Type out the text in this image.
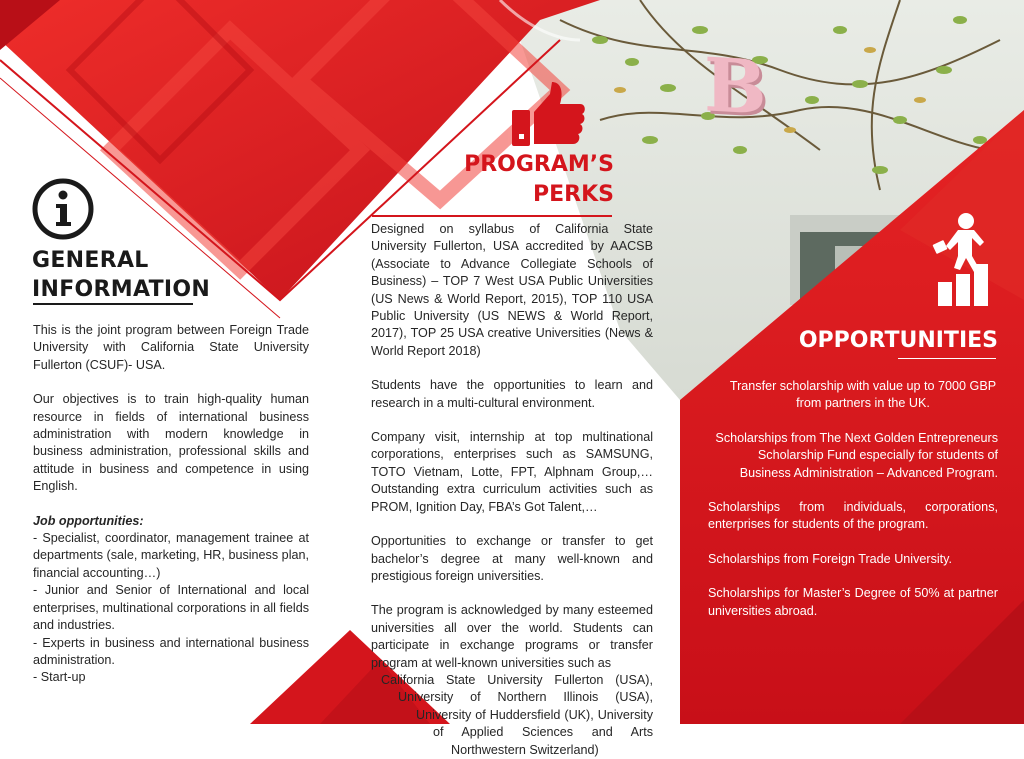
B
GENERAL
INFORMATION

This is the joint program between Foreign Trade University with California State University Fullerton (CSUF)- USA.

Our objectives is to train high-quality human resource in fields of international business administration with modern knowledge in business administration, professional skills and attitude in business and competence in using English.

Job opportunities:
- Specialist, coordinator, management trainee at departments (sale, marketing, HR, business plan, financial accounting…)
- Junior and Senior of International and local enterprises, multinational corporations in all fields and industries.
- Experts in business and international business administration.
- Start-up
PROGRAM’S
PERKS

Designed on syllabus of California State University Fullerton, USA accredited by AACSB (Associate to Advance Collegiate Schools of Business) – TOP 7 West USA Public Universities (US News & World Report, 2015), TOP 110 USA Public University (US NEWS & World Report, 2017), TOP 25 USA creative Universities (News & World Report 2018)

Students have the opportunities to learn and research in a multi-cultural environment.

Company visit, internship at top multinational corporations, enterprises such as SAMSUNG, TOTO Vietnam, Lotte, FPT, Alphnam Group,… Outstanding extra curriculum activities such as PROM, Ignition Day, FBA’s Got Talent,…

Opportunities to exchange or transfer to get bachelor’s degree at many well-known and prestigious foreign universities.

The program is acknowledged by many esteemed universities all over the world. Students can participate in exchange programs or transfer program at well-known universities such as

California State University Fullerton (USA),
University of Northern Illinois (USA),
University of Huddersfield (UK), University
of Applied Sciences and Arts
Northwestern Switzerland)
OPPORTUNITIES

Transfer scholarship with value up to 7000 GBP from partners in the UK.

Scholarships from The Next Golden Entrepreneurs Scholarship Fund especially for students of Business Administration – Advanced Program.

Scholarships from individuals, corporations, enterprises for students of the program.

Scholarships from Foreign Trade University.

Scholarships for Master’s Degree of 50% at partner universities abroad.
